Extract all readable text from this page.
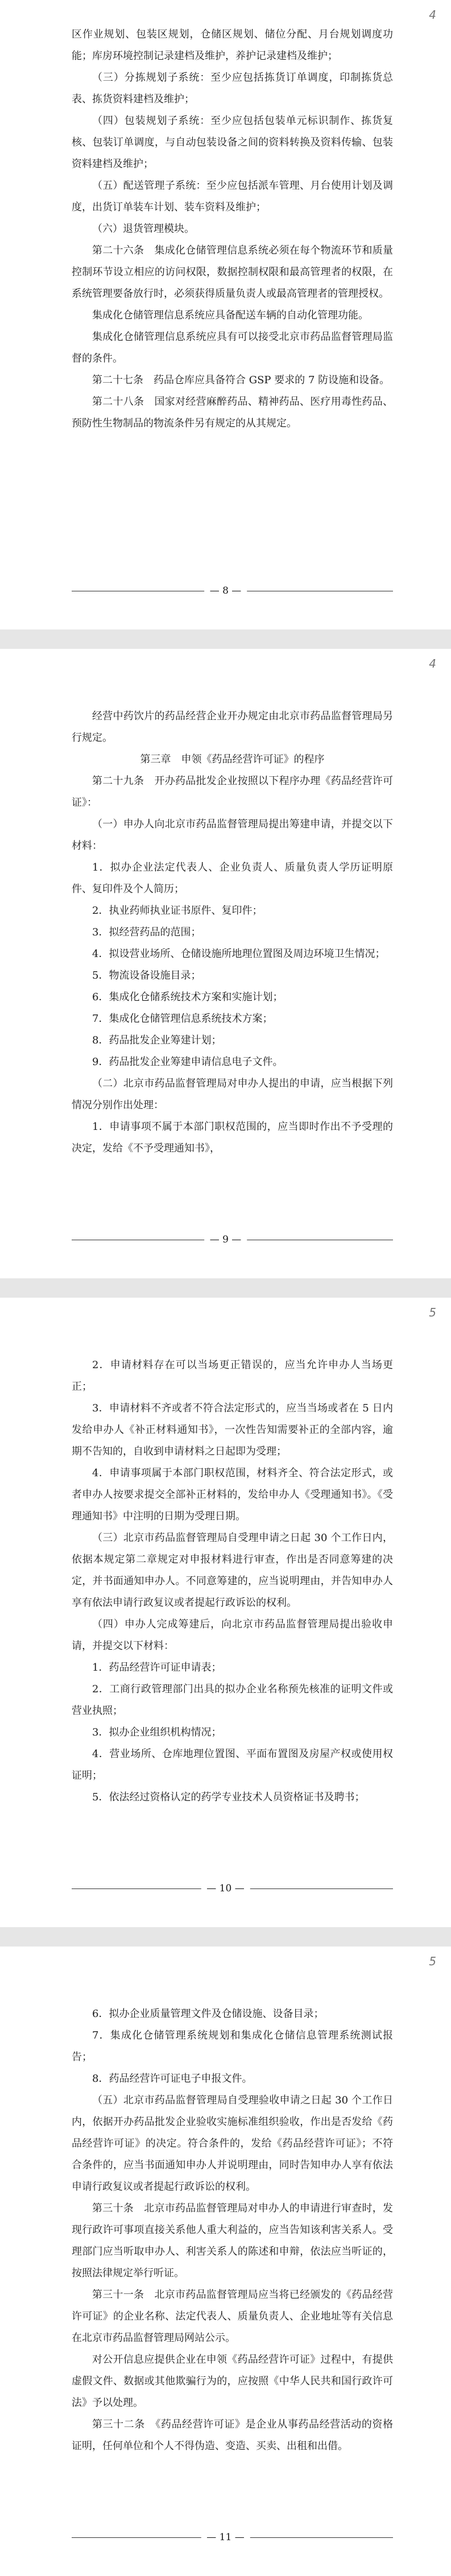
4

区作业规划、包装区规划，仓储区规划、储位分配、月台规划调度功能；库房环境控制记录建档及维护，养护记录建档及维护；

（三）分拣规划子系统：至少应包括拣货订单调度，印制拣货总表、拣货资料建档及维护；

（四）包装规划子系统：至少应包括包装单元标识制作、拣货复核、包装订单调度，与自动包装设备之间的资料转换及资料传输、包装资料建档及维护；

（五）配送管理子系统：至少应包括派车管理、月台使用计划及调度，出货订单装车计划、装车资料及维护；

（六）退货管理模块。

第二十六条　集成化仓储管理信息系统必须在每个物流环节和质量控制环节设立相应的访问权限，数据控制权限和最高管理者的权限，在系统管理要备放行时，必须获得质量负责人或最高管理者的管理授权。

集成化仓储管理信息系统应具备配送车辆的自动化管理功能。

集成化仓储管理信息系统应具有可以接受北京市药品监督管理局监督的条件。

第二十七条　药品仓库应具备符合 GSP 要求的 7 防设施和设备。

第二十八条　国家对经营麻醉药品、精神药品、医疗用毒性药品、预防性生物制品的物流条件另有规定的从其规定。

— 8 —
4

经营中药饮片的药品经营企业开办规定由北京市药品监督管理局另行规定。

第三章　申领《药品经营许可证》的程序

第二十九条　开办药品批发企业按照以下程序办理《药品经营许可证》：

（一）申办人向北京市药品监督管理局提出筹建申请，并提交以下材料：

1．拟办企业法定代表人、企业负责人、质量负责人学历证明原件、复印件及个人简历；

2．执业药师执业证书原件、复印件；

3．拟经营药品的范围；

4．拟设营业场所、仓储设施所地理位置图及周边环境卫生情况；

5．物流设备设施目录；

6．集成化仓储系统技术方案和实施计划；

7．集成化仓储管理信息系统技术方案；

8．药品批发企业筹建计划；

9．药品批发企业筹建申请信息电子文件。

（二）北京市药品监督管理局对申办人提出的申请，应当根据下列情况分别作出处理：

1．申请事项不属于本部门职权范围的，应当即时作出不予受理的决定，发给《不予受理通知书》，

— 9 —
5

2．申请材料存在可以当场更正错误的，应当允许申办人当场更正；

3．申请材料不齐或者不符合法定形式的，应当当场或者在 5 日内发给申办人《补正材料通知书》，一次性告知需要补正的全部内容，逾期不告知的，自收到申请材料之日起即为受理；

4．申请事项属于本部门职权范围，材料齐全、符合法定形式，或者申办人按要求提交全部补正材料的，发给申办人《受理通知书》。《受理通知书》中注明的日期为受理日期。

（三）北京市药品监督管理局自受理申请之日起 30 个工作日内，依据本规定第二章规定对申报材料进行审查，作出是否同意筹建的决定，并书面通知申办人。不同意筹建的，应当说明理由，并告知申办人享有依法申请行政复议或者提起行政诉讼的权利。

（四）申办人完成筹建后，向北京市药品监督管理局提出验收申请，并提交以下材料：

1．药品经营许可证申请表；

2．工商行政管理部门出具的拟办企业名称预先核准的证明文件或营业执照；

3．拟办企业组织机构情况；

4．营业场所、仓库地理位置图、平面布置图及房屋产权或使用权证明；

5．依法经过资格认定的药学专业技术人员资格证书及聘书；

— 10 —
5

6．拟办企业质量管理文件及仓储设施、设备目录；

7．集成化仓储管理系统规划和集成化仓储信息管理系统测试报告；

8．药品经营许可证电子申报文件。

（五）北京市药品监督管理局自受理验收申请之日起 30 个工作日内，依据开办药品批发企业验收实施标准组织验收，作出是否发给《药品经营许可证》的决定。符合条件的，发给《药品经营许可证》；不符合条件的，应当书面通知申办人并说明理由，同时告知申办人享有依法申请行政复议或者提起行政诉讼的权利。

第三十条　北京市药品监督管理局对申办人的申请进行审查时，发现行政许可事项直接关系他人重大利益的，应当告知该利害关系人。受理部门应当听取申办人、利害关系人的陈述和申辩，依法应当听证的，按照法律规定举行听证。

第三十一条　北京市药品监督管理局应当将已经颁发的《药品经营许可证》的企业名称、法定代表人、质量负责人、企业地址等有关信息在北京市药品监督管理局网站公示。

对公开信息应提供企业在申领《药品经营许可证》过程中，有提供虚假文件、数据或其他欺骗行为的，应按照《中华人民共和国行政许可法》予以处理。

第三十二条　《药品经营许可证》是企业从事药品经营活动的资格证明，任何单位和个人不得伪造、变造、买卖、出租和出借。

— 11 —
